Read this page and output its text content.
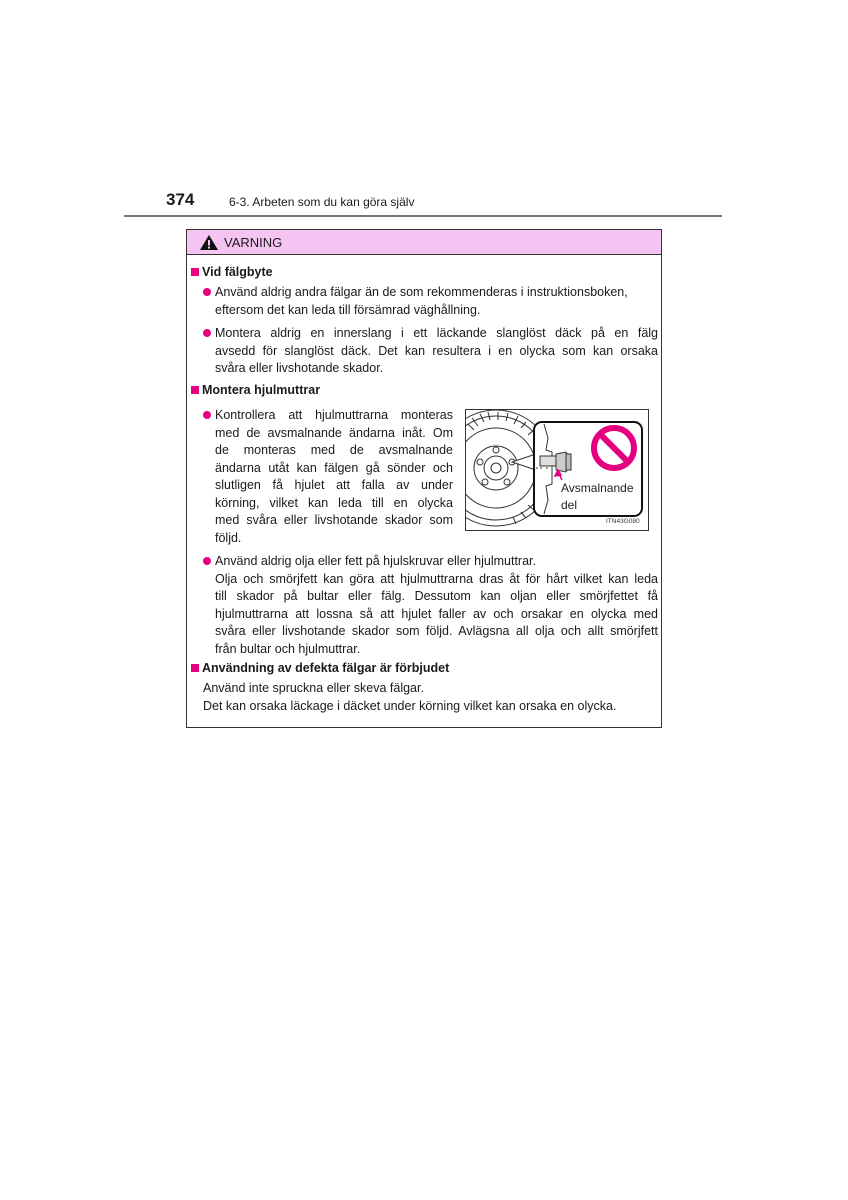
374	6-3. Arbeten som du kan göra själv
VARNING
Vid fälgbyte
Använd aldrig andra fälgar än de som rekommenderas i instruktionsboken,
eftersom det kan leda till försämrad väghållning.
Montera aldrig en innerslang i ett läckande slanglöst däck på en fälg
avsedd för slanglöst däck. Det kan resultera i en olycka som kan orsaka
svåra eller livshotande skador.
Montera hjulmuttrar
Kontrollera att hjulmuttrarna monteras
med de avsmalnande ändarna inåt. Om
de monteras med de avsmalnande
ändarna utåt kan fälgen gå sönder och
slutligen få hjulet att falla av under
körning, vilket kan leda till en olycka
med svåra eller livshotande skador som
följd.
Avsmalnande
del
ITN43G080
Använd aldrig olja eller fett på hjulskruvar eller hjulmuttrar.
Olja och smörjfett kan göra att hjulmuttrarna dras åt för hårt vilket kan leda
till skador på bultar eller fälg. Dessutom kan oljan eller smörjfettet få
hjulmuttrarna att lossna så att hjulet faller av och orsakar en olycka med
svåra eller livshotande skador som följd. Avlägsna all olja och allt smörjfett
från bultar och hjulmuttrar.
Användning av defekta fälgar är förbjudet
Använd inte spruckna eller skeva fälgar.
Det kan orsaka läckage i däcket under körning vilket kan orsaka en olycka.
